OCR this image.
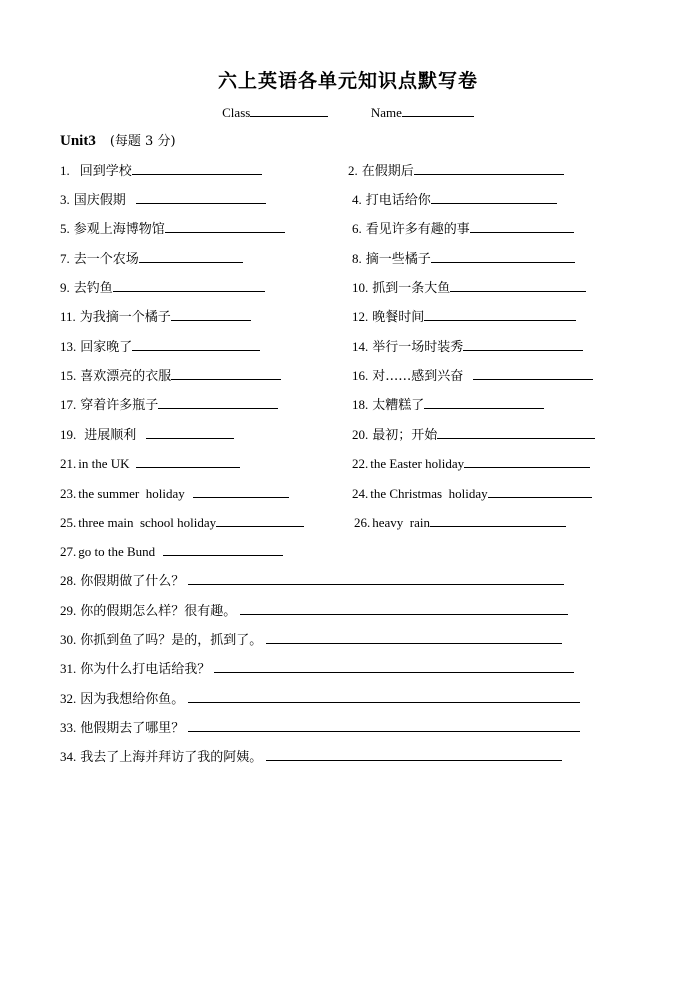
六上英语各单元知识点默写卷
Class	Name
Unit3 (每题 3 分)
1. 回到学校	2. 在假期后
3. 国庆假期	4. 打电话给你
5. 参观上海博物馆	6. 看见许多有趣的事
7. 去一个农场	8. 摘一些橘子
9. 去钓鱼	10. 抓到一条大鱼
11. 为我摘一个橘子	12. 晚餐时间
13. 回家晚了	14. 举行一场时装秀
15. 喜欢漂亮的衣服	16. 对……感到兴奋
17. 穿着许多瓶子	18. 太糟糕了
19. 进展顺利	20. 最初；开始
21. in the UK	22. the Easter holiday
23. the summer  holiday	24. the Christmas  holiday
25. three main  school holiday	26. heavy  rain
27. go to the Bund
28. 你假期做了什么？
29. 你的假期怎么样？很有趣。
30. 你抓到鱼了吗？是的，抓到了。
31. 你为什么打电话给我？
32. 因为我想给你鱼。
33. 他假期去了哪里？
34. 我去了上海并拜访了我的阿姨。
